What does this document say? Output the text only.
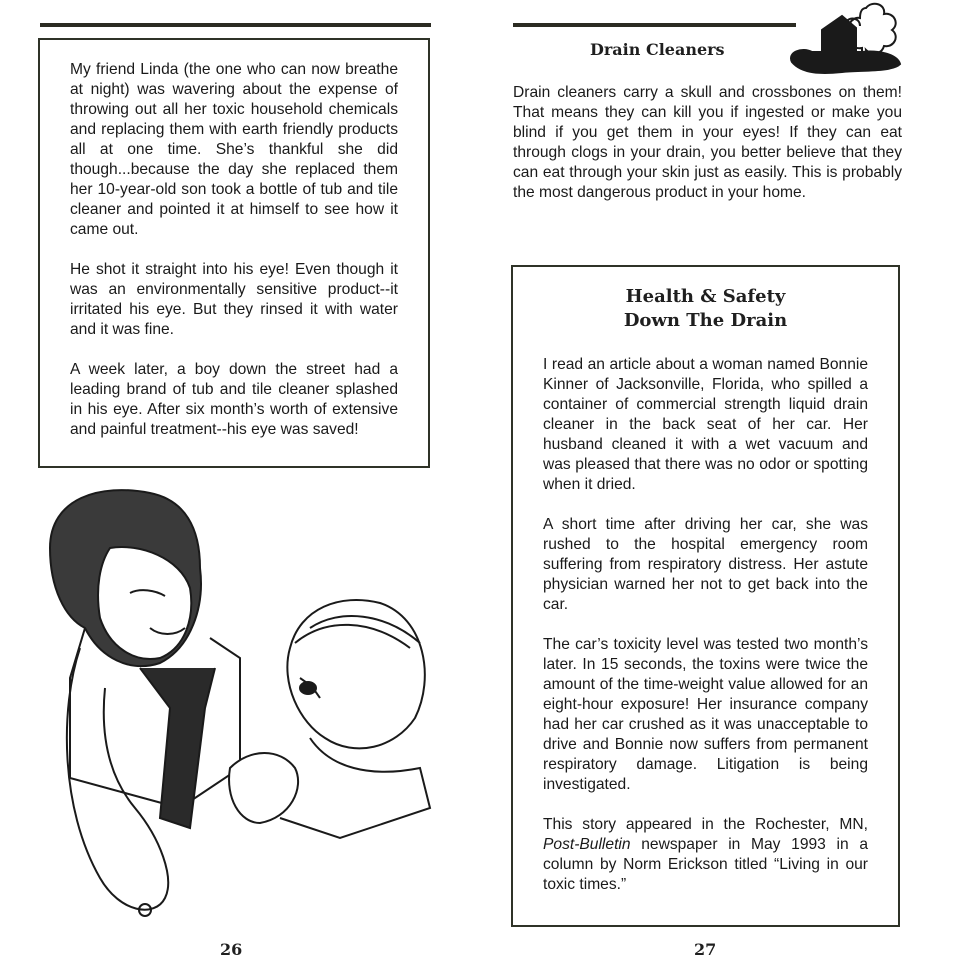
My friend Linda (the one who can now breathe at night) was wavering about the expense of throwing out all her toxic household chemicals and replacing them with earth friendly products all at one time. She’s thankful she did though...because the day she replaced them her 10-year-old son took a bottle of tub and tile cleaner and pointed it at himself to see how it came out.

He shot it straight into his eye! Even though it was an environmentally sensitive product--it irritated his eye. But they rinsed it with water and it was fine.

A week later, a boy down the street had a leading brand of tub and tile cleaner splashed in his eye. After six month’s worth of extensive and painful treatment--his eye was saved!

26
Drain Cleaners

Drain cleaners carry a skull and crossbones on them! That means they can kill you if ingested or make you blind if you get them in your eyes! If they can eat through clogs in your drain, you better believe that they can eat through your skin just as easily. This is probably the most dangerous product in your home.

Health & Safety
Down The Drain

I read an article about a woman named Bonnie Kinner of Jacksonville, Florida, who spilled a container of commercial strength liquid drain cleaner in the back seat of her car. Her husband cleaned it with a wet vacuum and was pleased that there was no odor or spotting when it dried.

A short time after driving her car, she was rushed to the hospital emergency room suffering from respiratory distress. Her astute physician warned her not to get back into the car.

The car’s toxicity level was tested two month’s later. In 15 seconds, the toxins were twice the amount of the time-weight value allowed for an eight-hour exposure! Her insurance company had her car crushed as it was unacceptable to drive and Bonnie now suffers from permanent respiratory damage. Litigation is being investigated.

This story appeared in the Rochester, MN, Post-Bulletin newspaper in May 1993 in a column by Norm Erickson titled “Living in our toxic times.”

27
